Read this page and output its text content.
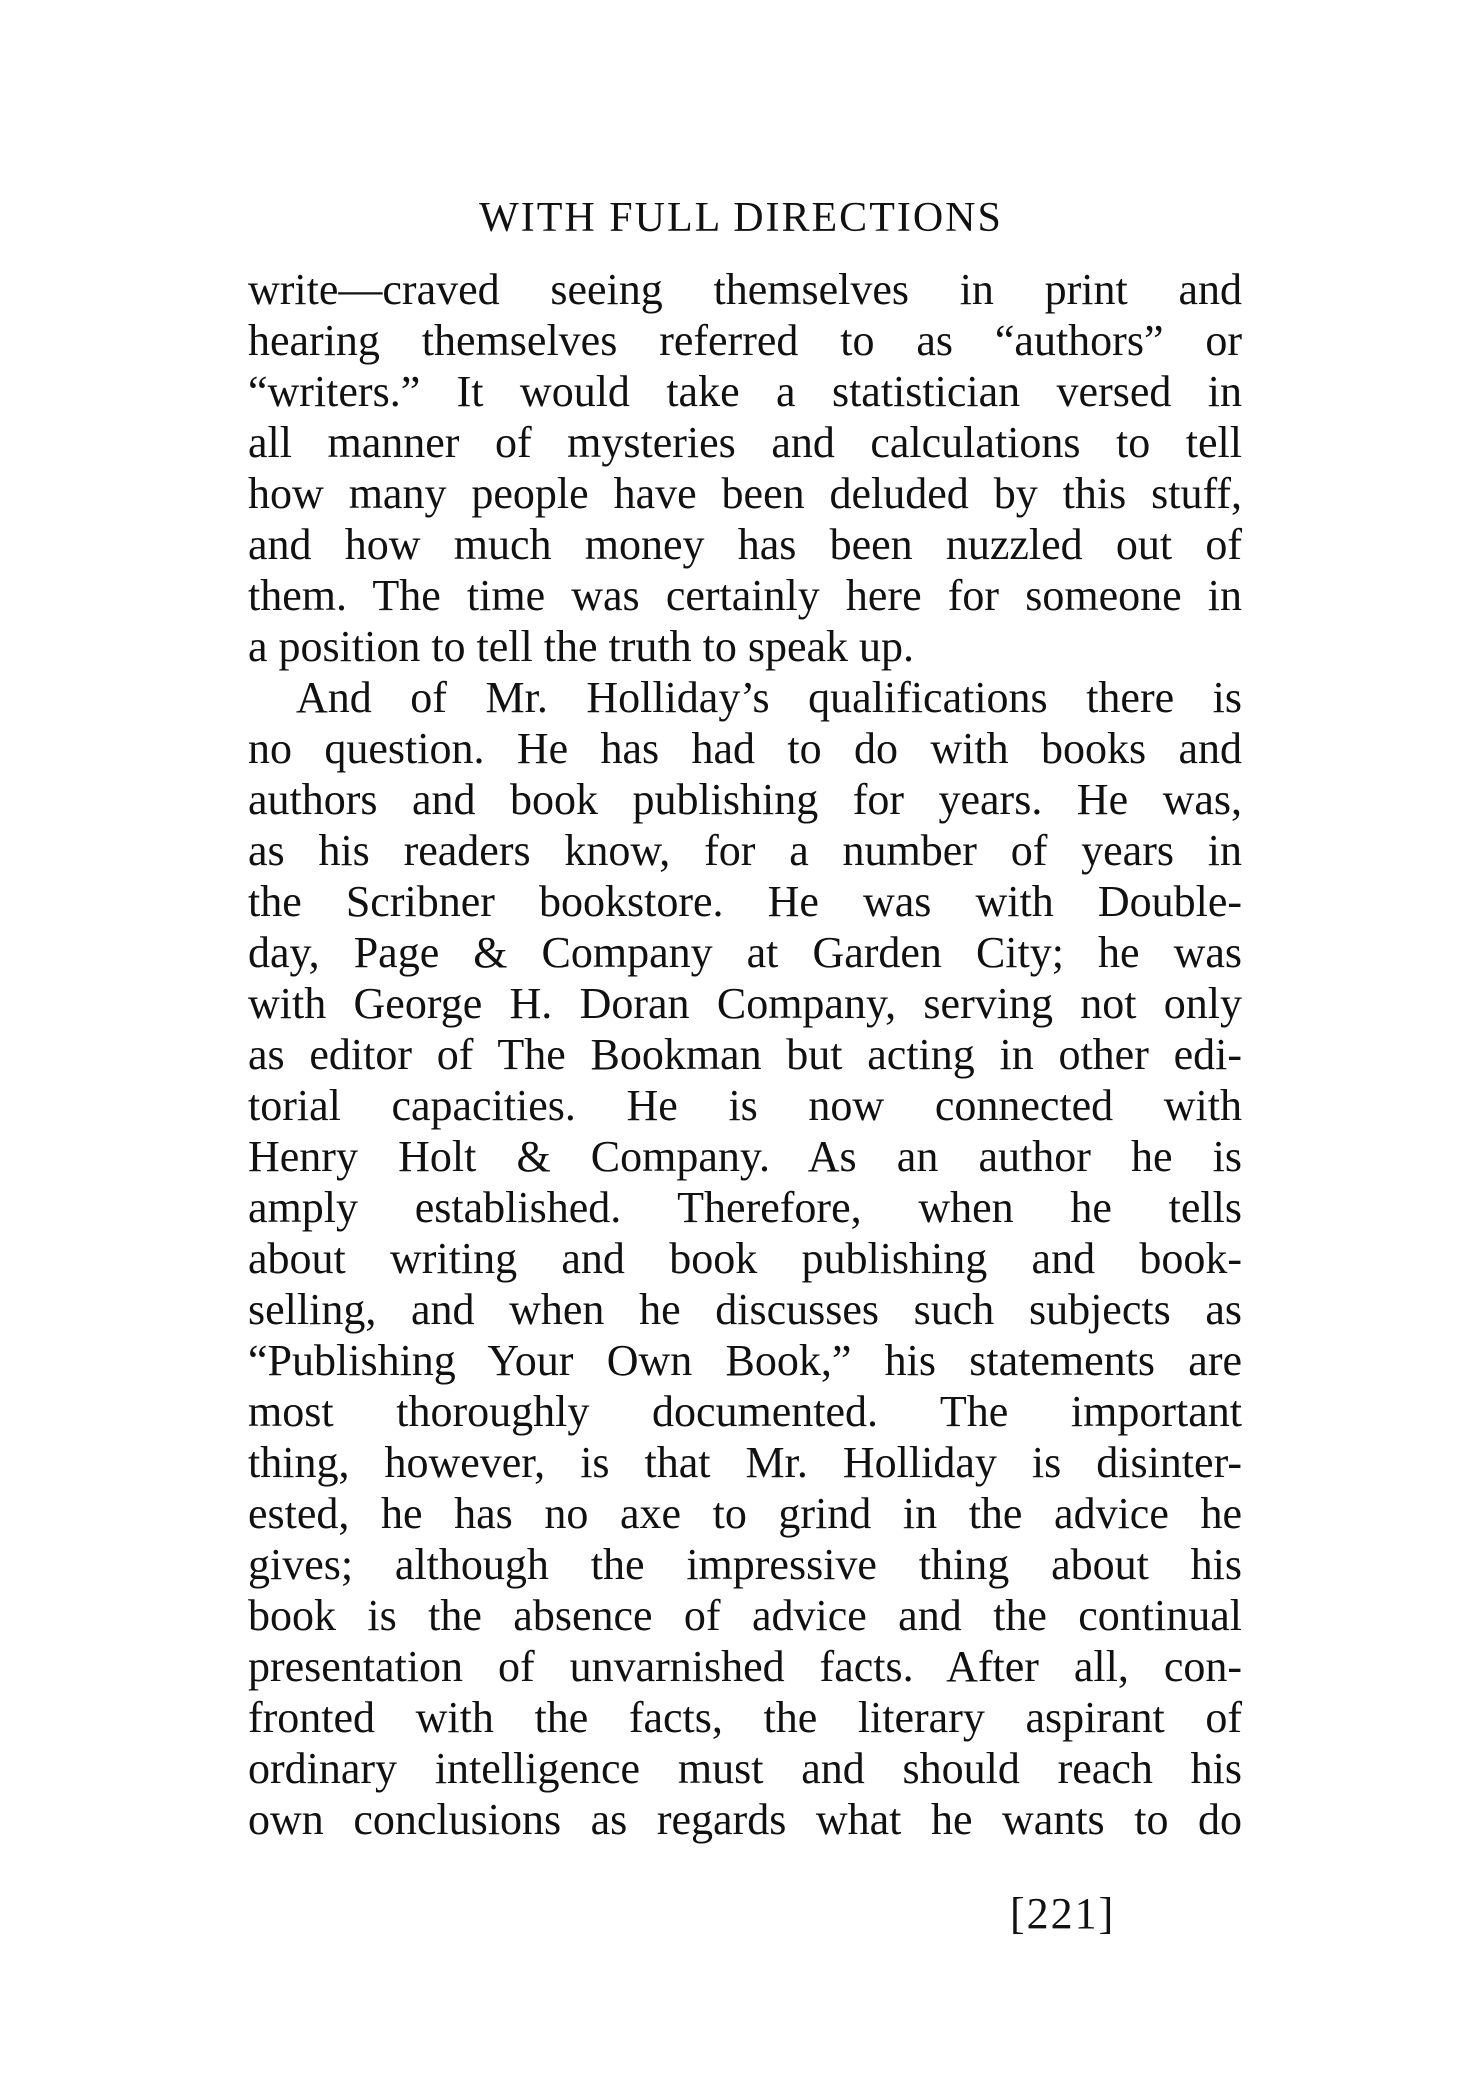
WITH FULL DIRECTIONS
write—craved seeing themselves in print and
hearing themselves referred to as “authors” or
“writers.” It would take a statistician versed in
all manner of mysteries and calculations to tell
how many people have been deluded by this stuff,
and how much money has been nuzzled out of
them. The time was certainly here for someone in
a position to tell the truth to speak up.
And of Mr. Holliday’s qualifications there is
no question. He has had to do with books and
authors and book publishing for years. He was,
as his readers know, for a number of years in
the Scribner bookstore. He was with Double-
day, Page & Company at Garden City; he was
with George H. Doran Company, serving not only
as editor of The Bookman but acting in other edi-
torial capacities. He is now connected with
Henry Holt & Company. As an author he is
amply established. Therefore, when he tells
about writing and book publishing and book-
selling, and when he discusses such subjects as
“Publishing Your Own Book,” his statements are
most thoroughly documented. The important
thing, however, is that Mr. Holliday is disinter-
ested, he has no axe to grind in the advice he
gives; although the impressive thing about his
book is the absence of advice and the continual
presentation of unvarnished facts. After all, con-
fronted with the facts, the literary aspirant of
ordinary intelligence must and should reach his
own conclusions as regards what he wants to do
[221]
